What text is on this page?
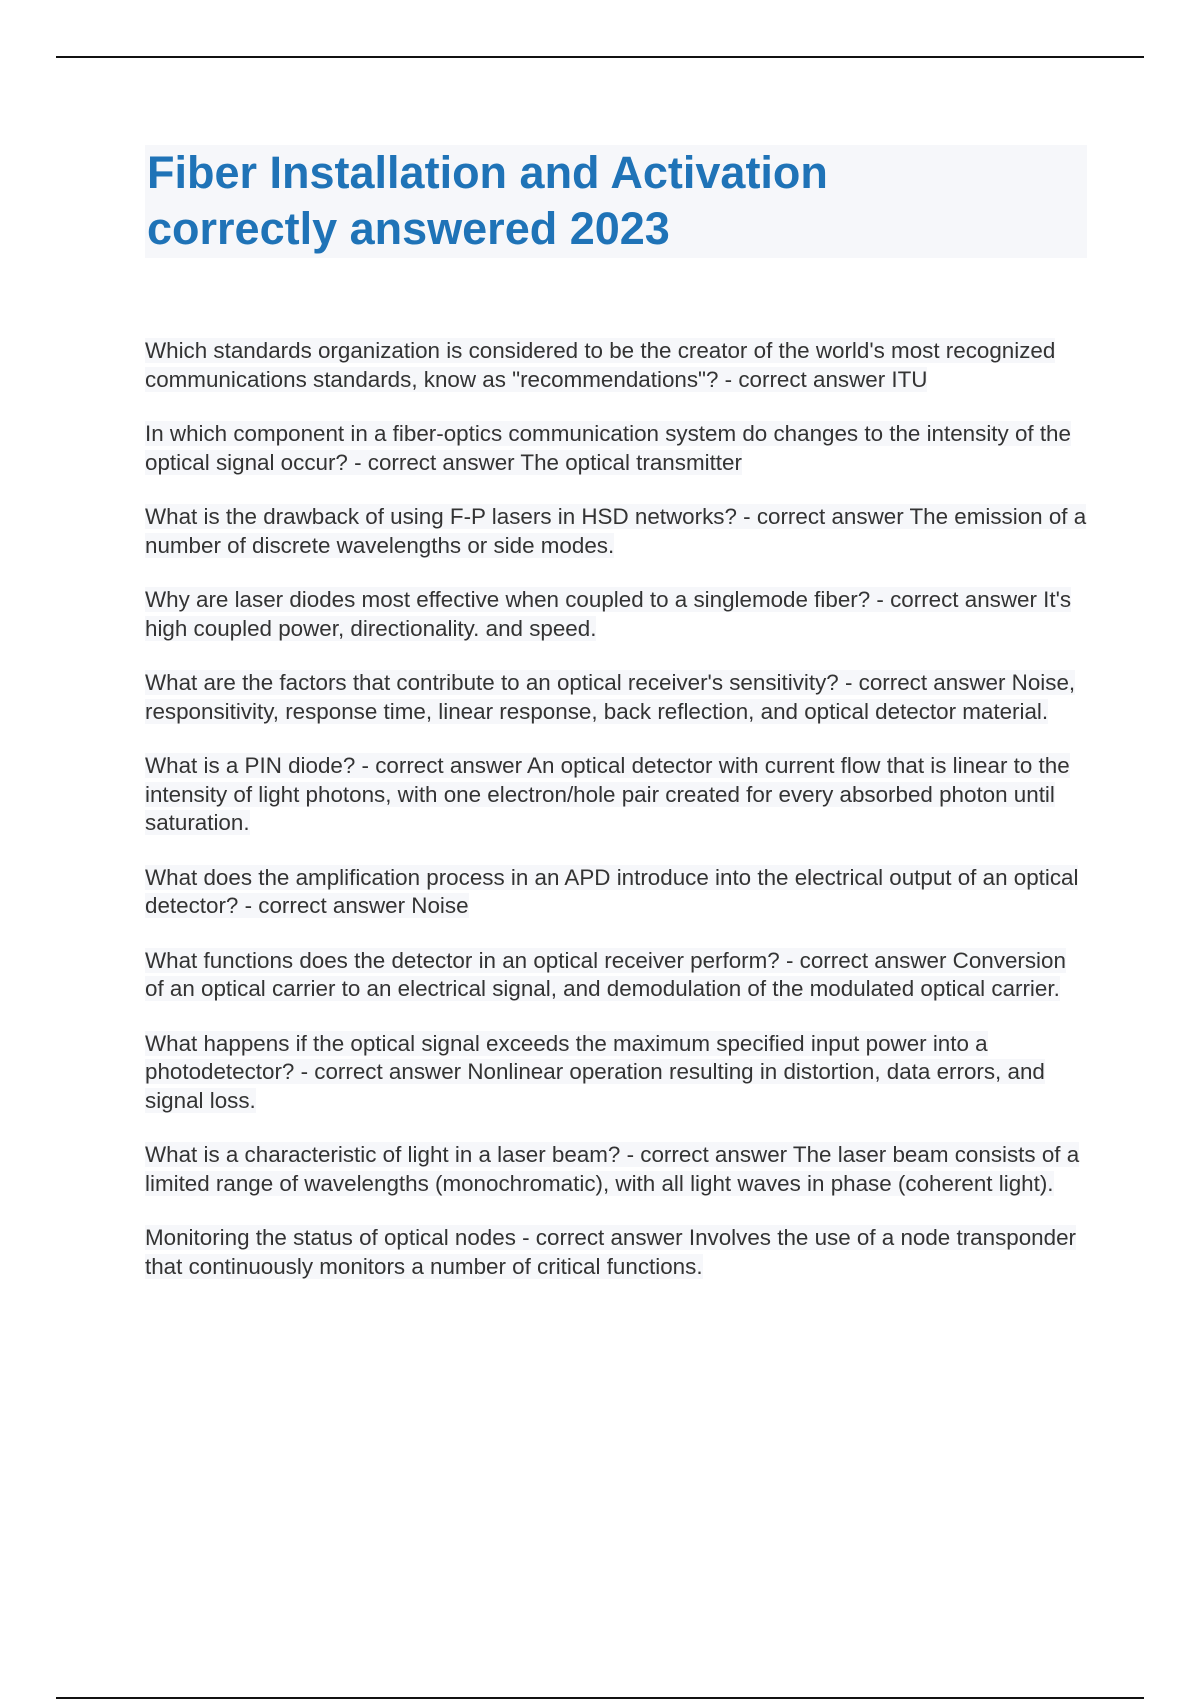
Fiber Installation and Activation
correctly answered 2023

Which standards organization is considered to be the creator of the world's most recognized communications standards, know as "recommendations"? - correct answer ITU

In which component in a fiber-optics communication system do changes to the intensity of the optical signal occur? - correct answer The optical transmitter

What is the drawback of using F-P lasers in HSD networks? - correct answer The emission of a number of discrete wavelengths or side modes.

Why are laser diodes most effective when coupled to a singlemode fiber? - correct answer It's high coupled power, directionality. and speed.

What are the factors that contribute to an optical receiver's sensitivity? - correct answer Noise, responsitivity, response time, linear response, back reflection, and optical detector material.

What is a PIN diode? - correct answer An optical detector with current flow that is linear to the intensity of light photons, with one electron/hole pair created for every absorbed photon until saturation.

What does the amplification process in an APD introduce into the electrical output of an optical detector? - correct answer Noise

What functions does the detector in an optical receiver perform? - correct answer Conversion of an optical carrier to an electrical signal, and demodulation of the modulated optical carrier.

What happens if the optical signal exceeds the maximum specified input power into a photodetector? - correct answer Nonlinear operation resulting in distortion, data errors, and signal loss.

What is a characteristic of light in a laser beam? - correct answer The laser beam consists of a limited range of wavelengths (monochromatic), with all light waves in phase (coherent light).

Monitoring the status of optical nodes - correct answer Involves the use of a node transponder that continuously monitors a number of critical functions.
